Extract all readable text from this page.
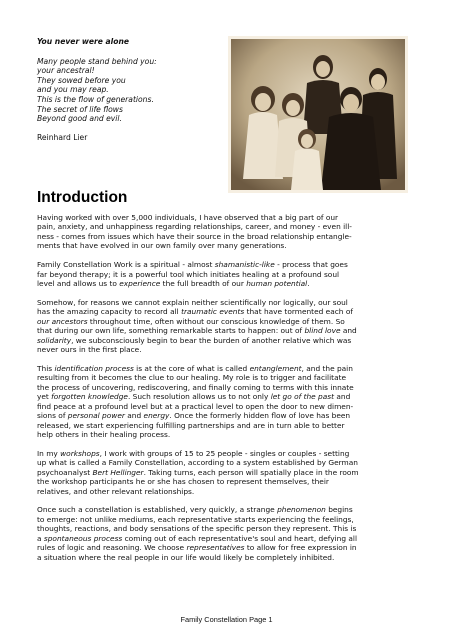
You never were alone
Many people stand behind you:
your ancestral!
They sowed before you
and you may reap.
This is the flow of generations.
The secret of life flows
Beyond good and evil.
Reinhard Lier
Introduction

Having worked with over 5,000 individuals, I have observed that a big part of our
pain, anxiety, and unhappiness regarding relationships, career, and money - even ill-
ness - comes from issues which have their source in the broad relationship entangle-
ments that have evolved in our own family over many generations.

Family Constellation Work is a spiritual - almost shamanistic-like - process that goes
far beyond therapy; it is a powerful tool which initiates healing at a profound soul
level and allows us to experience the full breadth of our human potential.

Somehow, for reasons we cannot explain neither scientifically nor logically, our soul
has the amazing capacity to record all traumatic events that have tormented each of
our ancestors throughout time, often without our conscious knowledge of them. So
that during our own life, something remarkable starts to happen: out of blind love and
solidarity, we subconsciously begin to bear the burden of another relative which was
never ours in the first place.

This identification process is at the core of what is called entanglement, and the pain
resulting from it becomes the clue to our healing. My role is to trigger and facilitate
the process of uncovering, rediscovering, and finally coming to terms with this innate
yet forgotten knowledge. Such resolution allows us to not only let go of the past and
find peace at a profound level but at a practical level to open the door to new dimen-
sions of personal power and energy. Once the formerly hidden flow of love has been
released, we start experiencing fulfilling partnerships and are in turn able to better
help others in their healing process.

In my workshops, I work with groups of 15 to 25 people - singles or couples - setting
up what is called a Family Constellation, according to a system established by German
psychoanalyst Bert Hellinger. Taking turns, each person will spatially place in the room
the workshop participants he or she has chosen to represent themselves, their
relatives, and other relevant relationships.

Once such a constellation is established, very quickly, a strange phenomenon begins
to emerge: not unlike mediums, each representative starts experiencing the feelings,
thoughts, reactions, and body sensations of the specific person they represent. This is
a spontaneous process coming out of each representative's soul and heart, defying all
rules of logic and reasoning. We choose representatives to allow for free expression in
a situation where the real people in our life would likely be completely inhibited.

Family Constellation Page 1
